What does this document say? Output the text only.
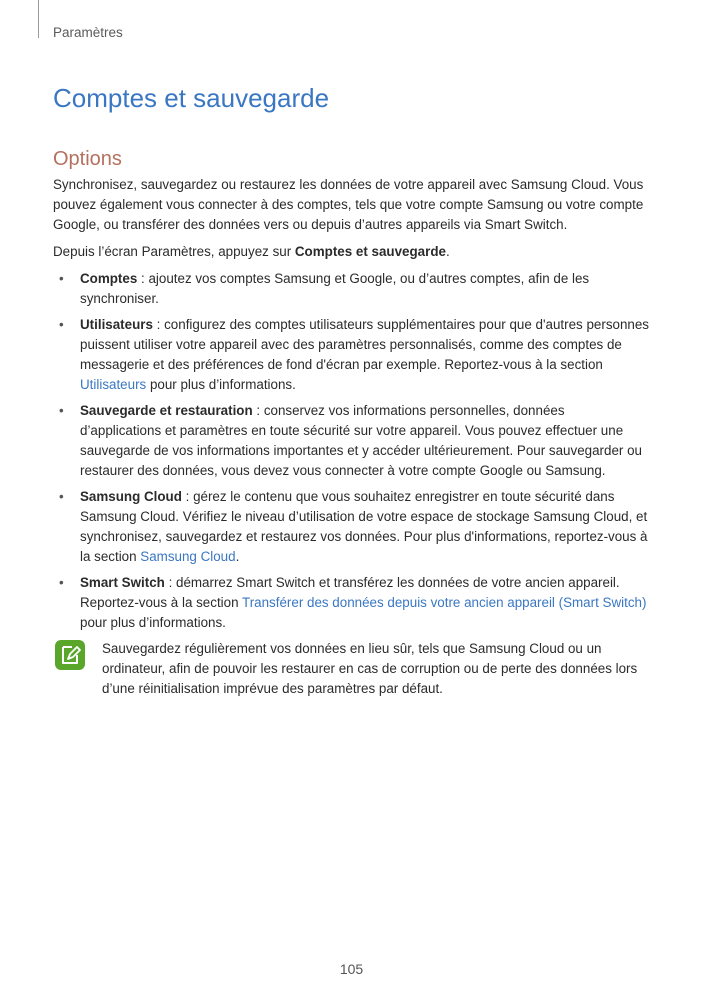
Paramètres
Comptes et sauvegarde
Options

Synchronisez, sauvegardez ou restaurez les données de votre appareil avec Samsung Cloud. Vous pouvez également vous connecter à des comptes, tels que votre compte Samsung ou votre compte Google, ou transférer des données vers ou depuis d’autres appareils via Smart Switch.

Depuis l’écran Paramètres, appuyez sur Comptes et sauvegarde.

• Comptes : ajoutez vos comptes Samsung et Google, ou d’autres comptes, afin de les synchroniser.
• Utilisateurs : configurez des comptes utilisateurs supplémentaires pour que d'autres personnes puissent utiliser votre appareil avec des paramètres personnalisés, comme des comptes de messagerie et des préférences de fond d'écran par exemple. Reportez-vous à la section Utilisateurs pour plus d’informations.
• Sauvegarde et restauration : conservez vos informations personnelles, données d’applications et paramètres en toute sécurité sur votre appareil. Vous pouvez effectuer une sauvegarde de vos informations importantes et y accéder ultérieurement. Pour sauvegarder ou restaurer des données, vous devez vous connecter à votre compte Google ou Samsung.
• Samsung Cloud : gérez le contenu que vous souhaitez enregistrer en toute sécurité dans Samsung Cloud. Vérifiez le niveau d’utilisation de votre espace de stockage Samsung Cloud, et synchronisez, sauvegardez et restaurez vos données. Pour plus d'informations, reportez-vous à la section Samsung Cloud.
• Smart Switch : démarrez Smart Switch et transférez les données de votre ancien appareil. Reportez-vous à la section Transférer des données depuis votre ancien appareil (Smart Switch) pour plus d’informations.
Sauvegardez régulièrement vos données en lieu sûr, tels que Samsung Cloud ou un ordinateur, afin de pouvoir les restaurer en cas de corruption ou de perte des données lors d’une réinitialisation imprévue des paramètres par défaut.
105
